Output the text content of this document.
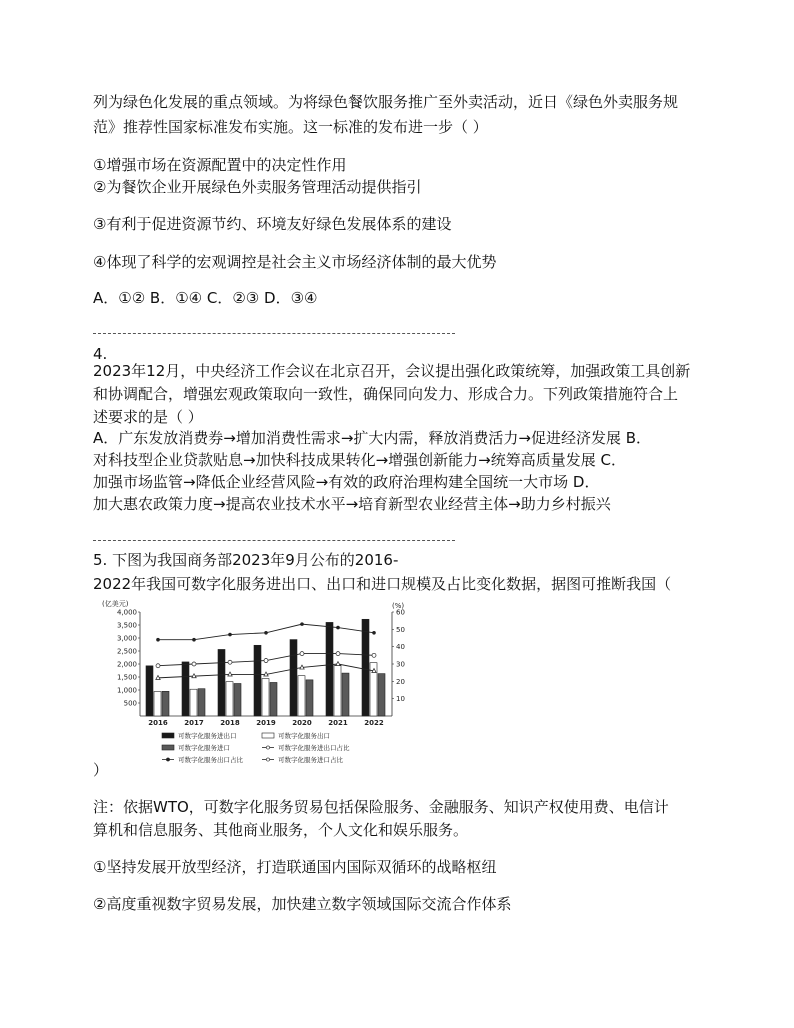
列为绿色化发展的重点领域。为将绿色餐饮服务推广至外卖活动，近日《绿色外卖服务规
范》推荐性国家标准发布实施。这一标准的发布进一步（ ）
①增强市场在资源配置中的决定性作用
②为餐饮企业开展绿色外卖服务管理活动提供指引
③有利于促进资源节约、环境友好绿色发展体系的建设
④体现了科学的宏观调控是社会主义市场经济体制的最大优势
A．①② B．①④ C．②③ D．③④
4.
2023年12月，中央经济工作会议在北京召开，会议提出强化政策统筹，加强政策工具创新
和协调配合，增强宏观政策取向一致性，确保同向发力、形成合力。下列政策措施符合上
述要求的是（ ）
A．广东发放消费券→增加消费性需求→扩大内需，释放消费活力→促进经济发展 B．
对科技型企业贷款贴息→加快科技成果转化→增强创新能力→统筹高质量发展 C．
加强市场监管→降低企业经营风险→有效的政府治理构建全国统一大市场 D．
加大惠农政策力度→提高农业技术水平→培育新型农业经营主体→助力乡村振兴
5. 下图为我国商务部2023年9月公布的2016-
2022年我国可数字化服务进出口、出口和进口规模及占比变化数据，据图可推断我国（
(亿美元)	(%)
500
1,000
1,500
2,000
2,500
3,000
3,500
4,000
10
20
30
40
50
60
2016 2017 2018 2019 2020 2021 2022
可数字化服务进出口	可数字化服务出口
可数字化服务进口	可数字化服务进出口占比
可数字化服务出口占比	可数字化服务进口占比
）
注：依据WTO，可数字化服务贸易包括保险服务、金融服务、知识产权使用费、电信计
算机和信息服务、其他商业服务，个人文化和娱乐服务。
①坚持发展开放型经济，打造联通国内国际双循环的战略枢纽
②高度重视数字贸易发展，加快建立数字领域国际交流合作体系
